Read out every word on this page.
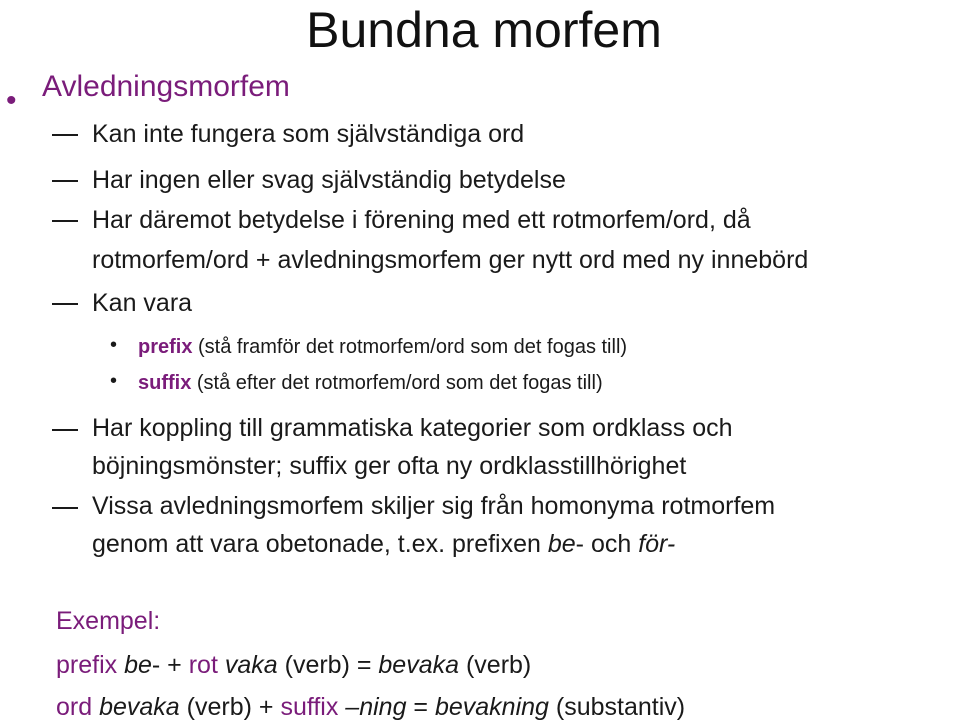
Bundna morfem
• Avledningsmorfem
Kan inte fungera som självständiga ord
Har ingen eller svag självständig betydelse
Har däremot betydelse i förening med ett rotmorfem/ord, då
rotmorfem/ord + avledningsmorfem ger nytt ord med ny innebörd
Kan vara
• prefix (stå framför det rotmorfem/ord som det fogas till)
• suffix (stå efter det rotmorfem/ord som det fogas till)
Har koppling till grammatiska kategorier som ordklass och
böjningsmönster; suffix ger ofta ny ordklasstillhörighet
Vissa avledningsmorfem skiljer sig från homonyma rotmorfem
genom att vara obetonade, t.ex. prefixen be- och för-
Exempel:
prefix be- + rot vaka (verb) = bevaka (verb)
ord bevaka (verb) + suffix –ning = bevakning (substantiv)
